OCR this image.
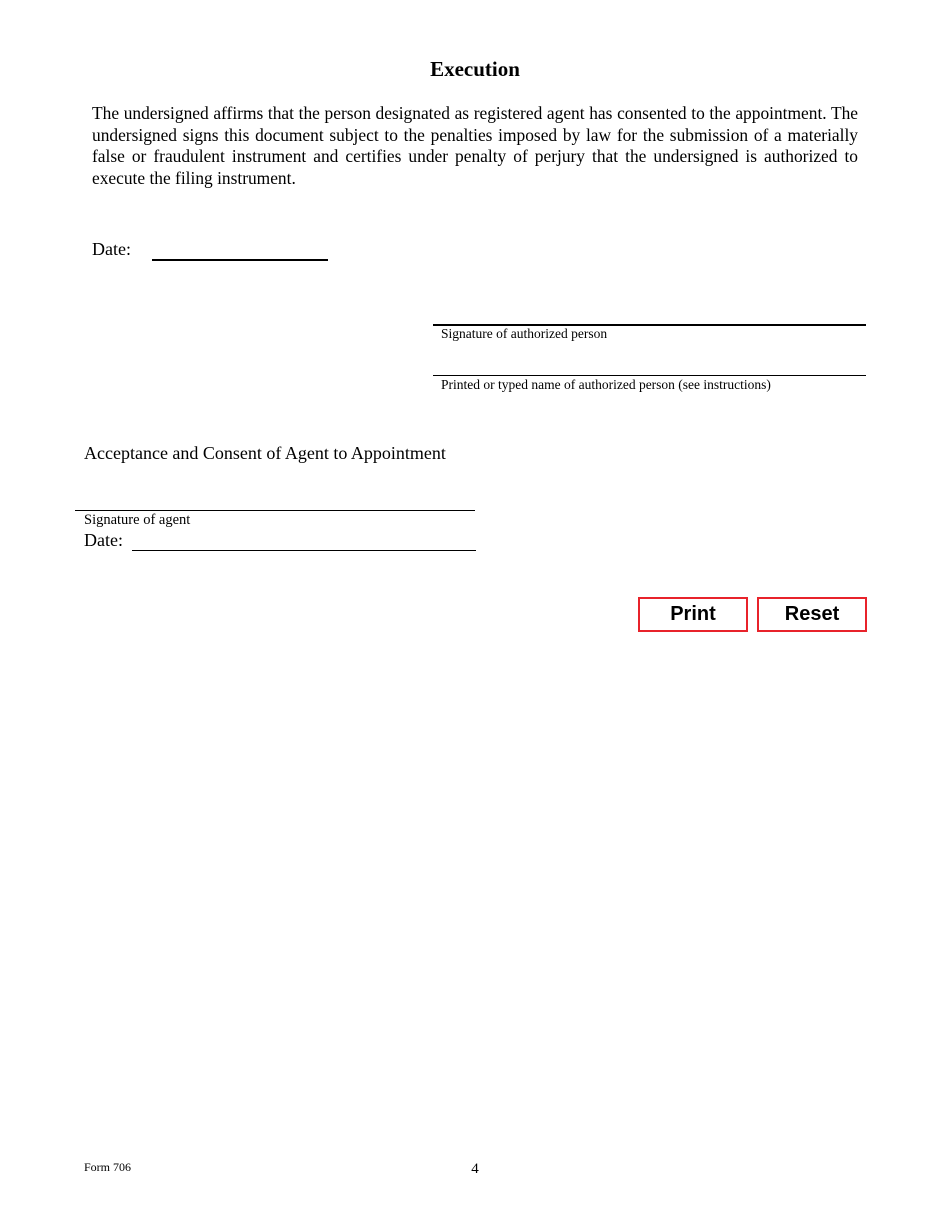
Execution
The undersigned affirms that the person designated as registered agent has consented to the appointment. The undersigned signs this document subject to the penalties imposed by law for the submission of a materially false or fraudulent instrument and certifies under penalty of perjury that the undersigned is authorized to execute the filing instrument.
Date:
Signature of authorized person
Printed or typed name of authorized person (see instructions)
Acceptance and Consent of Agent to Appointment
Signature of agent
Date:
Print	Reset
Form 706	4
